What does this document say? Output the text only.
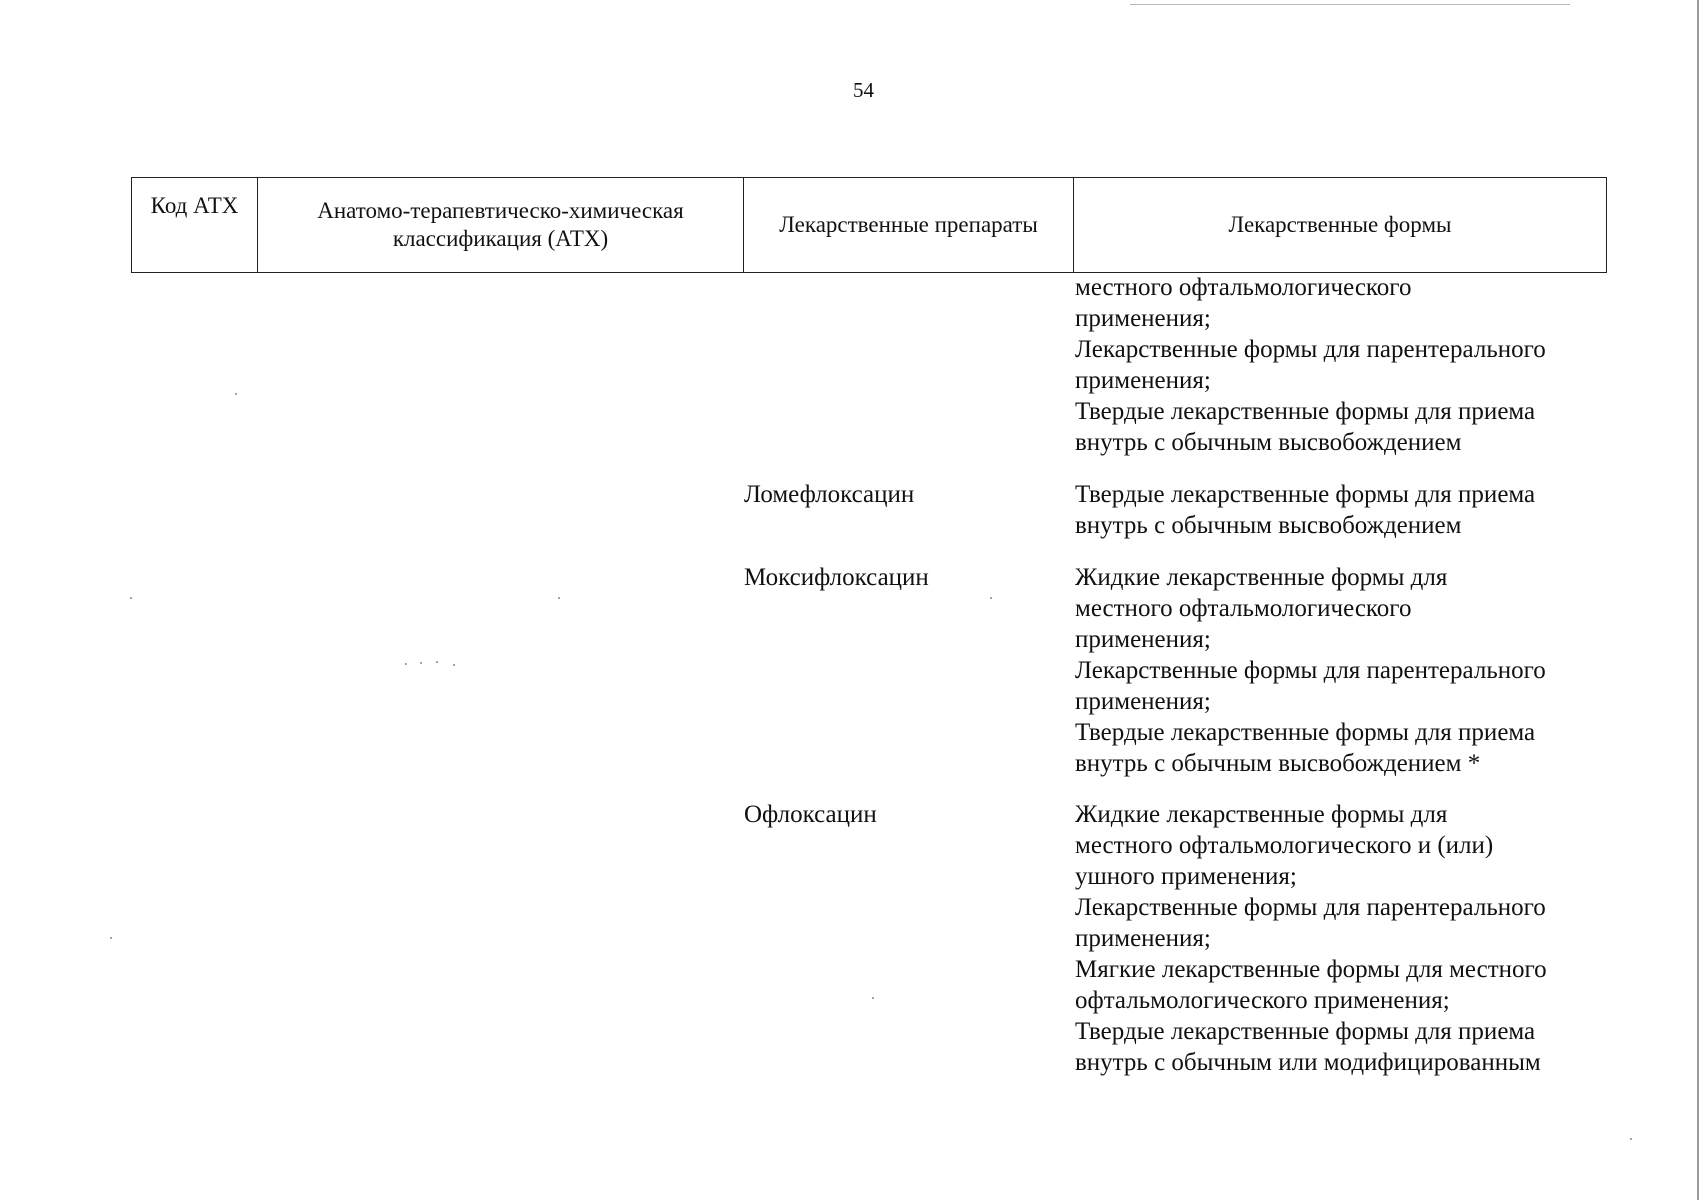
54
Код АТХ	Анатомо-терапевтическо-химическая классификация (АТХ)	Лекарственные препараты	Лекарственные формы
местного офтальмологического
применения;
Лекарственные формы для парентерального
применения;
Твердые лекарственные формы для приема
внутрь с обычным высвобождением
Ломефлоксацин	Твердые лекарственные формы для приема
внутрь с обычным высвобождением
Моксифлоксацин	Жидкие лекарственные формы для
местного офтальмологического
применения;
Лекарственные формы для парентерального
применения;
Твердые лекарственные формы для приема
внутрь с обычным высвобождением *
Офлоксацин	Жидкие лекарственные формы для
местного офтальмологического и (или)
ушного применения;
Лекарственные формы для парентерального
применения;
Мягкие лекарственные формы для местного
офтальмологического применения;
Твердые лекарственные формы для приема
внутрь с обычным или модифицированным
